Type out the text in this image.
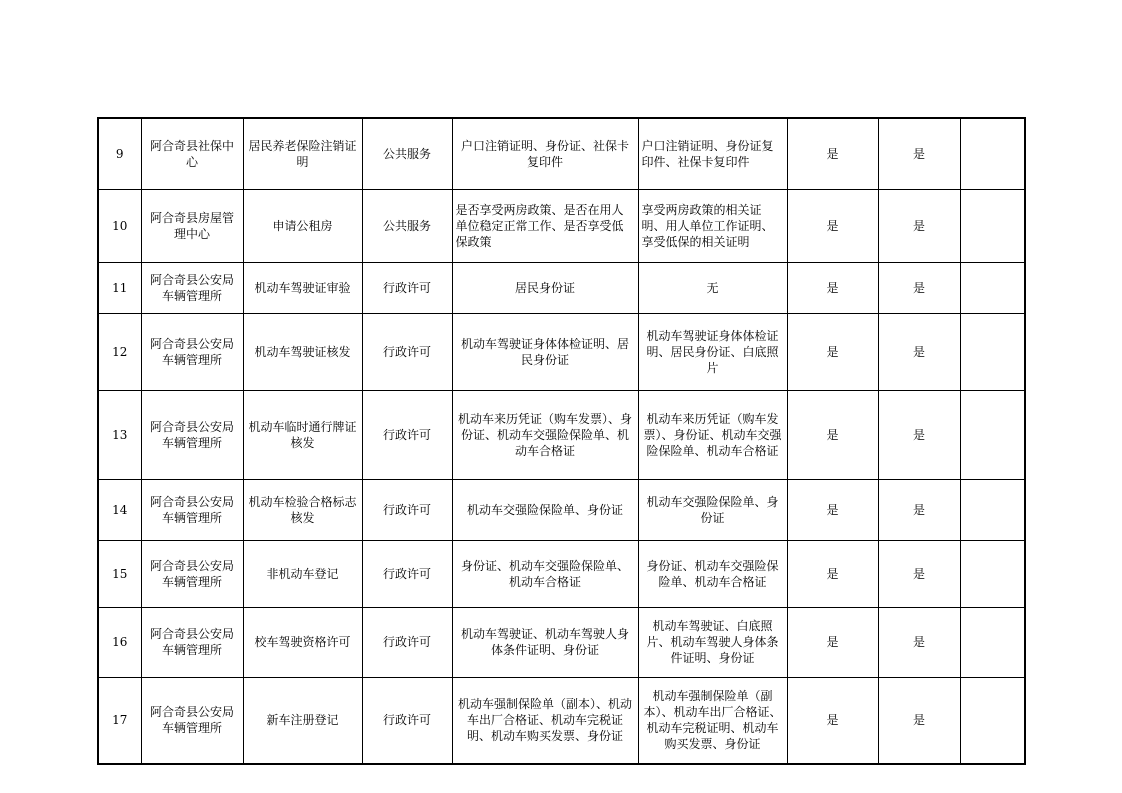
9	阿合奇县社保中心	居民养老保险注销证明	公共服务	户口注销证明、身份证、社保卡复印件	户口注销证明、身份证复印件、社保卡复印件	是	是	
10	阿合奇县房屋管理中心	申请公租房	公共服务	是否享受两房政策、是否在用人单位稳定正常工作、是否享受低保政策	享受两房政策的相关证明、用人单位工作证明、享受低保的相关证明	是	是	
11	阿合奇县公安局车辆管理所	机动车驾驶证审验	行政许可	居民身份证	无	是	是	
12	阿合奇县公安局车辆管理所	机动车驾驶证核发	行政许可	机动车驾驶证身体体检证明、居民身份证	机动车驾驶证身体体检证明、居民身份证、白底照片	是	是	
13	阿合奇县公安局车辆管理所	机动车临时通行牌证核发	行政许可	机动车来历凭证（购车发票）、身份证、机动车交强险保险单、机动车合格证	机动车来历凭证（购车发票）、身份证、机动车交强险保险单、机动车合格证	是	是	
14	阿合奇县公安局车辆管理所	机动车检验合格标志核发	行政许可	机动车交强险保险单、身份证	机动车交强险保险单、身份证	是	是	
15	阿合奇县公安局车辆管理所	非机动车登记	行政许可	身份证、机动车交强险保险单、机动车合格证	身份证、机动车交强险保险单、机动车合格证	是	是	
16	阿合奇县公安局车辆管理所	校车驾驶资格许可	行政许可	机动车驾驶证、机动车驾驶人身体条件证明、身份证	机动车驾驶证、白底照片、机动车驾驶人身体条件证明、身份证	是	是	
17	阿合奇县公安局车辆管理所	新车注册登记	行政许可	机动车强制保险单（副本）、机动车出厂合格证、机动车完税证明、机动车购买发票、身份证	机动车强制保险单（副本）、机动车出厂合格证、机动车完税证明、机动车购买发票、身份证	是	是	
